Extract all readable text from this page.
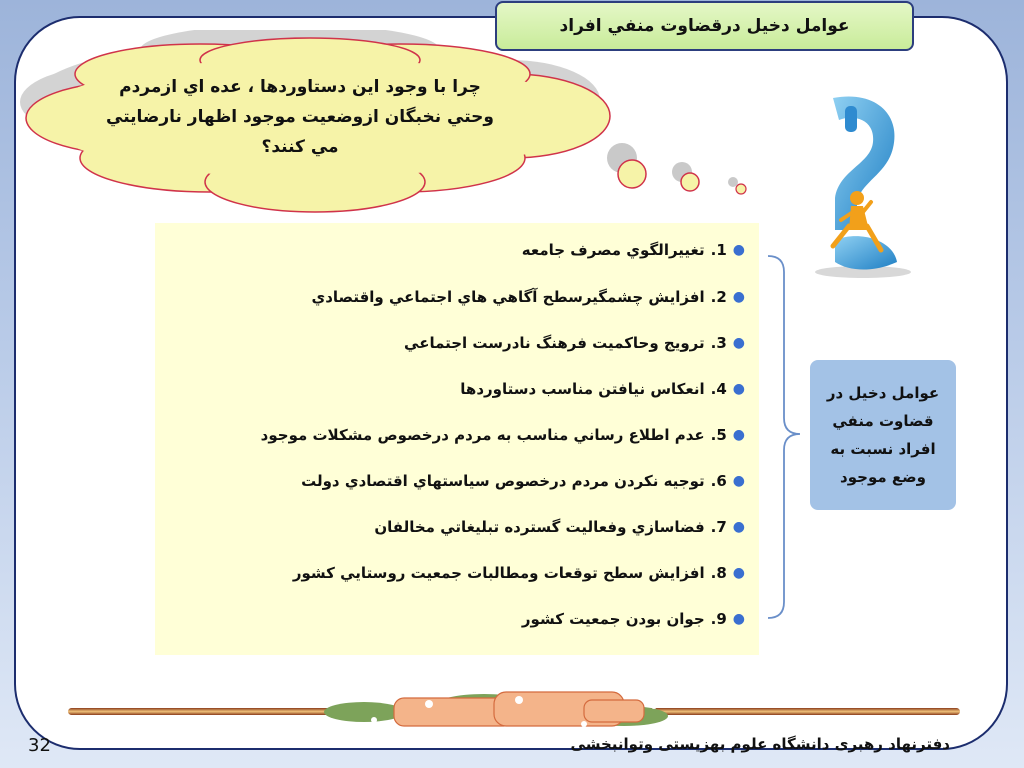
عوامل دخيل درقضاوت منفي افراد
چرا با وجود اين دستاوردها ، عده اي ازمردم وحتي نخبگان ازوضعيت موجود اظهار نارضايتي مي كنند؟
●
1.
تغييرالگوي مصرف جامعه
●
2.
افزايش چشمگيرسطح آگاهي هاي اجتماعي واقتصادي
●
3.
ترويج وحاكميت فرهنگ نادرست اجتماعي
●
4.
انعكاس نيافتن مناسب دستاوردها
●
5.
عدم اطلاع رساني مناسب به مردم درخصوص مشكلات موجود
●
6.
توجيه نكردن مردم درخصوص سياستهاي اقتصادي دولت
●
7.
فضاسازي وفعاليت گسترده تبليغاتي مخالفان
●
8.
افزايش سطح توقعات ومطالبات جمعيت روستايي كشور
●
9.
جوان بودن جمعيت كشور
عوامل دخيل در قضاوت منفي افراد نسبت به وضع موجود
دفترنهاد رهبری دانشگاه علوم بهزیستی وتوانبخشی
32
